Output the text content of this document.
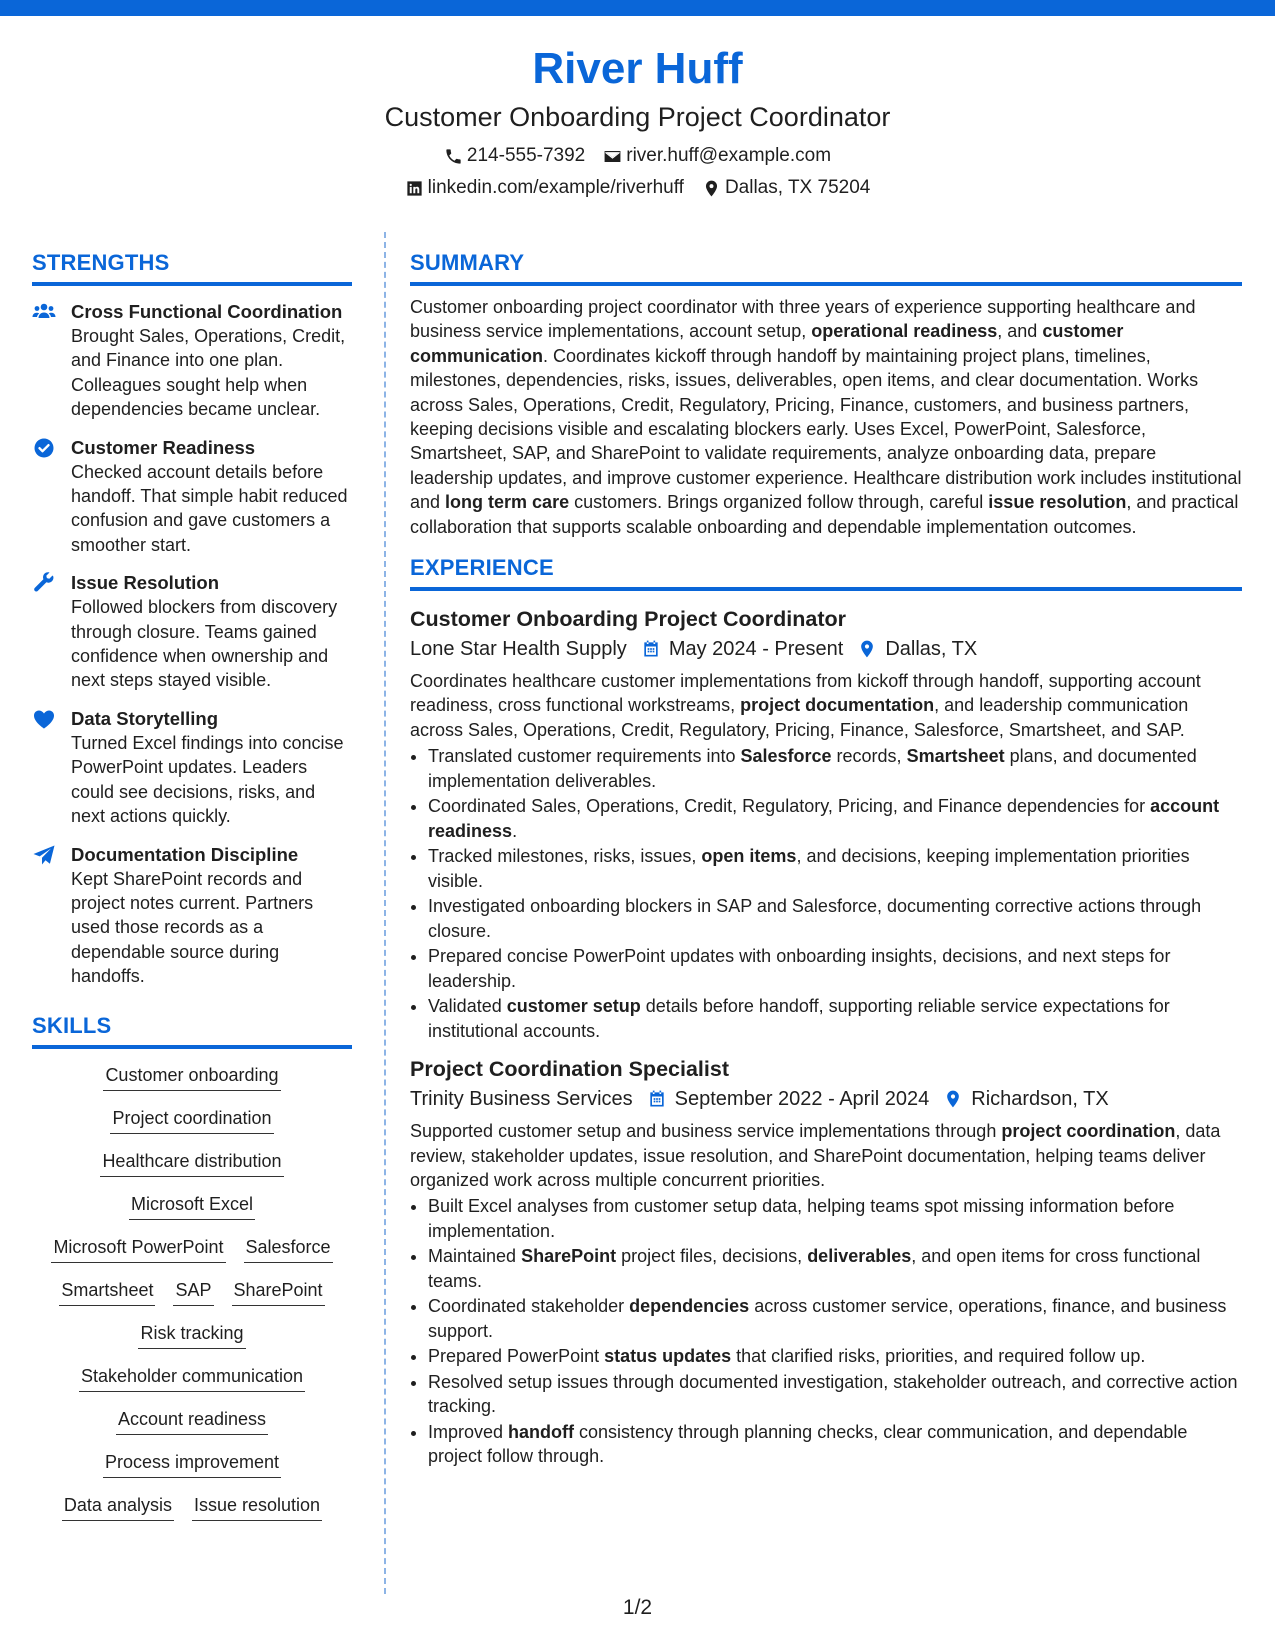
River Huff
Customer Onboarding Project Coordinator
214-555-7392 river.huff@example.com
linkedin.com/example/riverhuff Dallas, TX 75204
STRENGTHS
Cross Functional Coordination
Brought Sales, Operations, Credit, and Finance into one plan. Colleagues sought help when dependencies became unclear.
Customer Readiness
Checked account details before handoff. That simple habit reduced confusion and gave customers a smoother start.
Issue Resolution
Followed blockers from discovery through closure. Teams gained confidence when ownership and next steps stayed visible.
Data Storytelling
Turned Excel findings into concise PowerPoint updates. Leaders could see decisions, risks, and next actions quickly.
Documentation Discipline
Kept SharePoint records and project notes current. Partners used those records as a dependable source during handoffs.
SKILLS
Customer onboarding
Project coordination
Healthcare distribution
Microsoft Excel
Microsoft PowerPoint Salesforce
Smartsheet SAP SharePoint
Risk tracking
Stakeholder communication
Account readiness
Process improvement
Data analysis Issue resolution
SUMMARY
Customer onboarding project coordinator with three years of experience supporting healthcare and business service implementations, account setup, operational readiness, and customer communication. Coordinates kickoff through handoff by maintaining project plans, timelines, milestones, dependencies, risks, issues, deliverables, open items, and clear documentation. Works across Sales, Operations, Credit, Regulatory, Pricing, Finance, customers, and business partners, keeping decisions visible and escalating blockers early. Uses Excel, PowerPoint, Salesforce, Smartsheet, SAP, and SharePoint to validate requirements, analyze onboarding data, prepare leadership updates, and improve customer experience. Healthcare distribution work includes institutional and long term care customers. Brings organized follow through, careful issue resolution, and practical collaboration that supports scalable onboarding and dependable implementation outcomes.
EXPERIENCE
Customer Onboarding Project Coordinator
Lone Star Health Supply May 2024 - Present Dallas, TX
Coordinates healthcare customer implementations from kickoff through handoff, supporting account readiness, cross functional workstreams, project documentation, and leadership communication across Sales, Operations, Credit, Regulatory, Pricing, Finance, Salesforce, Smartsheet, and SAP.
• Translated customer requirements into Salesforce records, Smartsheet plans, and documented implementation deliverables.
• Coordinated Sales, Operations, Credit, Regulatory, Pricing, and Finance dependencies for account readiness.
• Tracked milestones, risks, issues, open items, and decisions, keeping implementation priorities visible.
• Investigated onboarding blockers in SAP and Salesforce, documenting corrective actions through closure.
• Prepared concise PowerPoint updates with onboarding insights, decisions, and next steps for leadership.
• Validated customer setup details before handoff, supporting reliable service expectations for institutional accounts.
Project Coordination Specialist
Trinity Business Services September 2022 - April 2024 Richardson, TX
Supported customer setup and business service implementations through project coordination, data review, stakeholder updates, issue resolution, and SharePoint documentation, helping teams deliver organized work across multiple concurrent priorities.
• Built Excel analyses from customer setup data, helping teams spot missing information before implementation.
• Maintained SharePoint project files, decisions, deliverables, and open items for cross functional teams.
• Coordinated stakeholder dependencies across customer service, operations, finance, and business support.
• Prepared PowerPoint status updates that clarified risks, priorities, and required follow up.
• Resolved setup issues through documented investigation, stakeholder outreach, and corrective action tracking.
• Improved handoff consistency through planning checks, clear communication, and dependable project follow through.
1/2
